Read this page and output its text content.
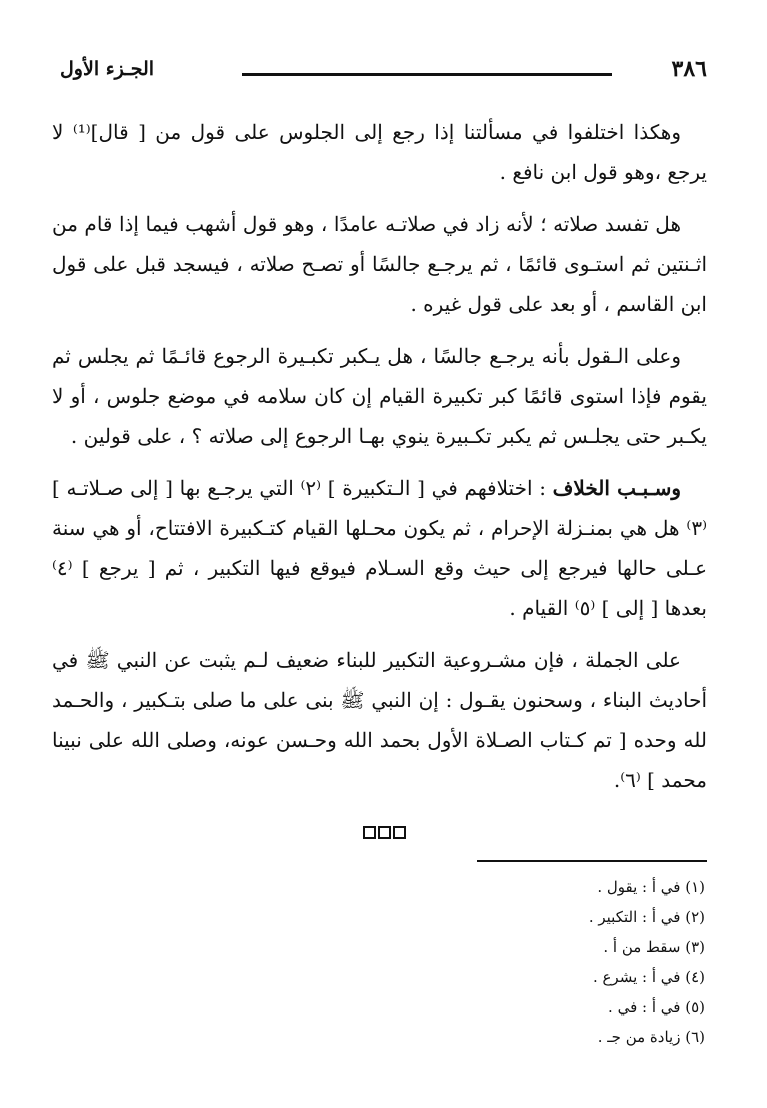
الجـزء الأول	٣٨٦

وهكذا اختلفوا في مسألتنا إذا رجع إلى الجلوس على قول من [ قال]⁽¹⁾ لا يرجع ،وهو قول ابن نافع .

هل تفسد صلاته ؛ لأنه زاد في صلاتـه عامدًا ، وهو قول أشهب فيما إذا قام من اثـنتين ثم استـوى قائمًا ، ثم يرجـع جالسًا أو تصـح صلاته ، فيسجد قبل على قول ابن القاسم ، أو بعد على قول غيره .

وعلى الـقول بأنه يرجـع جالسًا ، هل يـكبر تكبـيرة الرجوع قائـمًا ثم يجلس ثم يقوم فإذا استوى قائمًا كبر تكبيرة القيام إن كان سلامه في موضع جلوس ، أو لا يكـبر حتى يجلـس ثم يكبر تكـبيرة ينوي بهـا الرجوع إلى صلاته ؟ ، على قولين .

وسـبـب الخلاف : اختلافهم في [ الـتكبيرة ] ⁽٢⁾ التي يرجـع بها [ إلى صـلاتـه ] ⁽٣⁾ هل هي بمنـزلة الإحرام ، ثم يكون محـلها القيام كتـكبيرة الافتتاح، أو هي سنة عـلى حالها فيرجع إلى حيث وقع السـلام فيوقع فيها التكبير ، ثم [ يرجع ] ⁽٤⁾ بعدها [ إلى ] ⁽٥⁾ القيام .

على الجملة ، فإن مشـروعية التكبير للبناء ضعيف لـم يثبت عن النبي ﷺ في أحاديث البناء ، وسحنون يقـول : إن النبي ﷺ بنى على ما صلى بتـكبير ، والحـمد لله وحده [ تم كـتاب الصـلاة الأول بحمد الله وحـسن عونه، وصلى الله على نبينا محمد ] ⁽٦⁾.

(١) في أ : يقول .
(٢) في أ : التكبير .
(٣) سقط من أ .
(٤) في أ : يشرع .
(٥) في أ : في .
(٦) زيادة من جـ .
